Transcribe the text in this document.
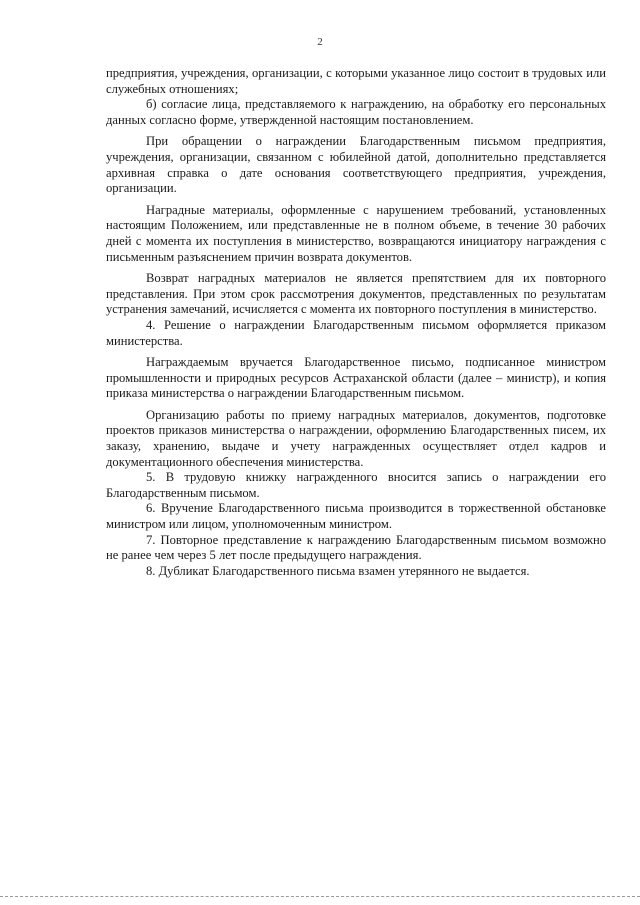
2

предприятия, учреждения, организации, с которыми указанное лицо состоит в трудовых или служебных отношениях;

б) согласие лица, представляемого к награждению, на обработку его персональных данных согласно форме, утвержденной настоящим постановлением.

При обращении о награждении Благодарственным письмом предприятия, учреждения, организации, связанном с юбилейной датой, дополнительно представляется архивная справка о дате основания соответствующего предприятия, учреждения, организации.

Наградные материалы, оформленные с нарушением требований, установленных настоящим Положением, или представленные не в полном объеме, в течение 30 рабочих дней с момента их поступления в министерство, возвращаются инициатору награждения с письменным разъяснением причин возврата документов.

Возврат наградных материалов не является препятствием для их повторного представления. При этом срок рассмотрения документов, представленных по результатам устранения замечаний, исчисляется с момента их повторного поступления в министерство.

4. Решение о награждении Благодарственным письмом оформляется приказом министерства.

Награждаемым вручается Благодарственное письмо, подписанное министром промышленности и природных ресурсов Астраханской области (далее – министр), и копия приказа министерства о награждении Благодарственным письмом.

Организацию работы по приему наградных материалов, документов, подготовке проектов приказов министерства о награждении, оформлению Благодарственных писем, их заказу, хранению, выдаче и учету награжденных осуществляет отдел кадров и документационного обеспечения министерства.

5. В трудовую книжку награжденного вносится запись о награждении его Благодарственным письмом.

6. Вручение Благодарственного письма производится в торжественной обстановке министром или лицом, уполномоченным министром.

7. Повторное представление к награждению Благодарственным письмом возможно не ранее чем через 5 лет после предыдущего награждения.

8. Дубликат Благодарственного письма взамен утерянного не выдается.
